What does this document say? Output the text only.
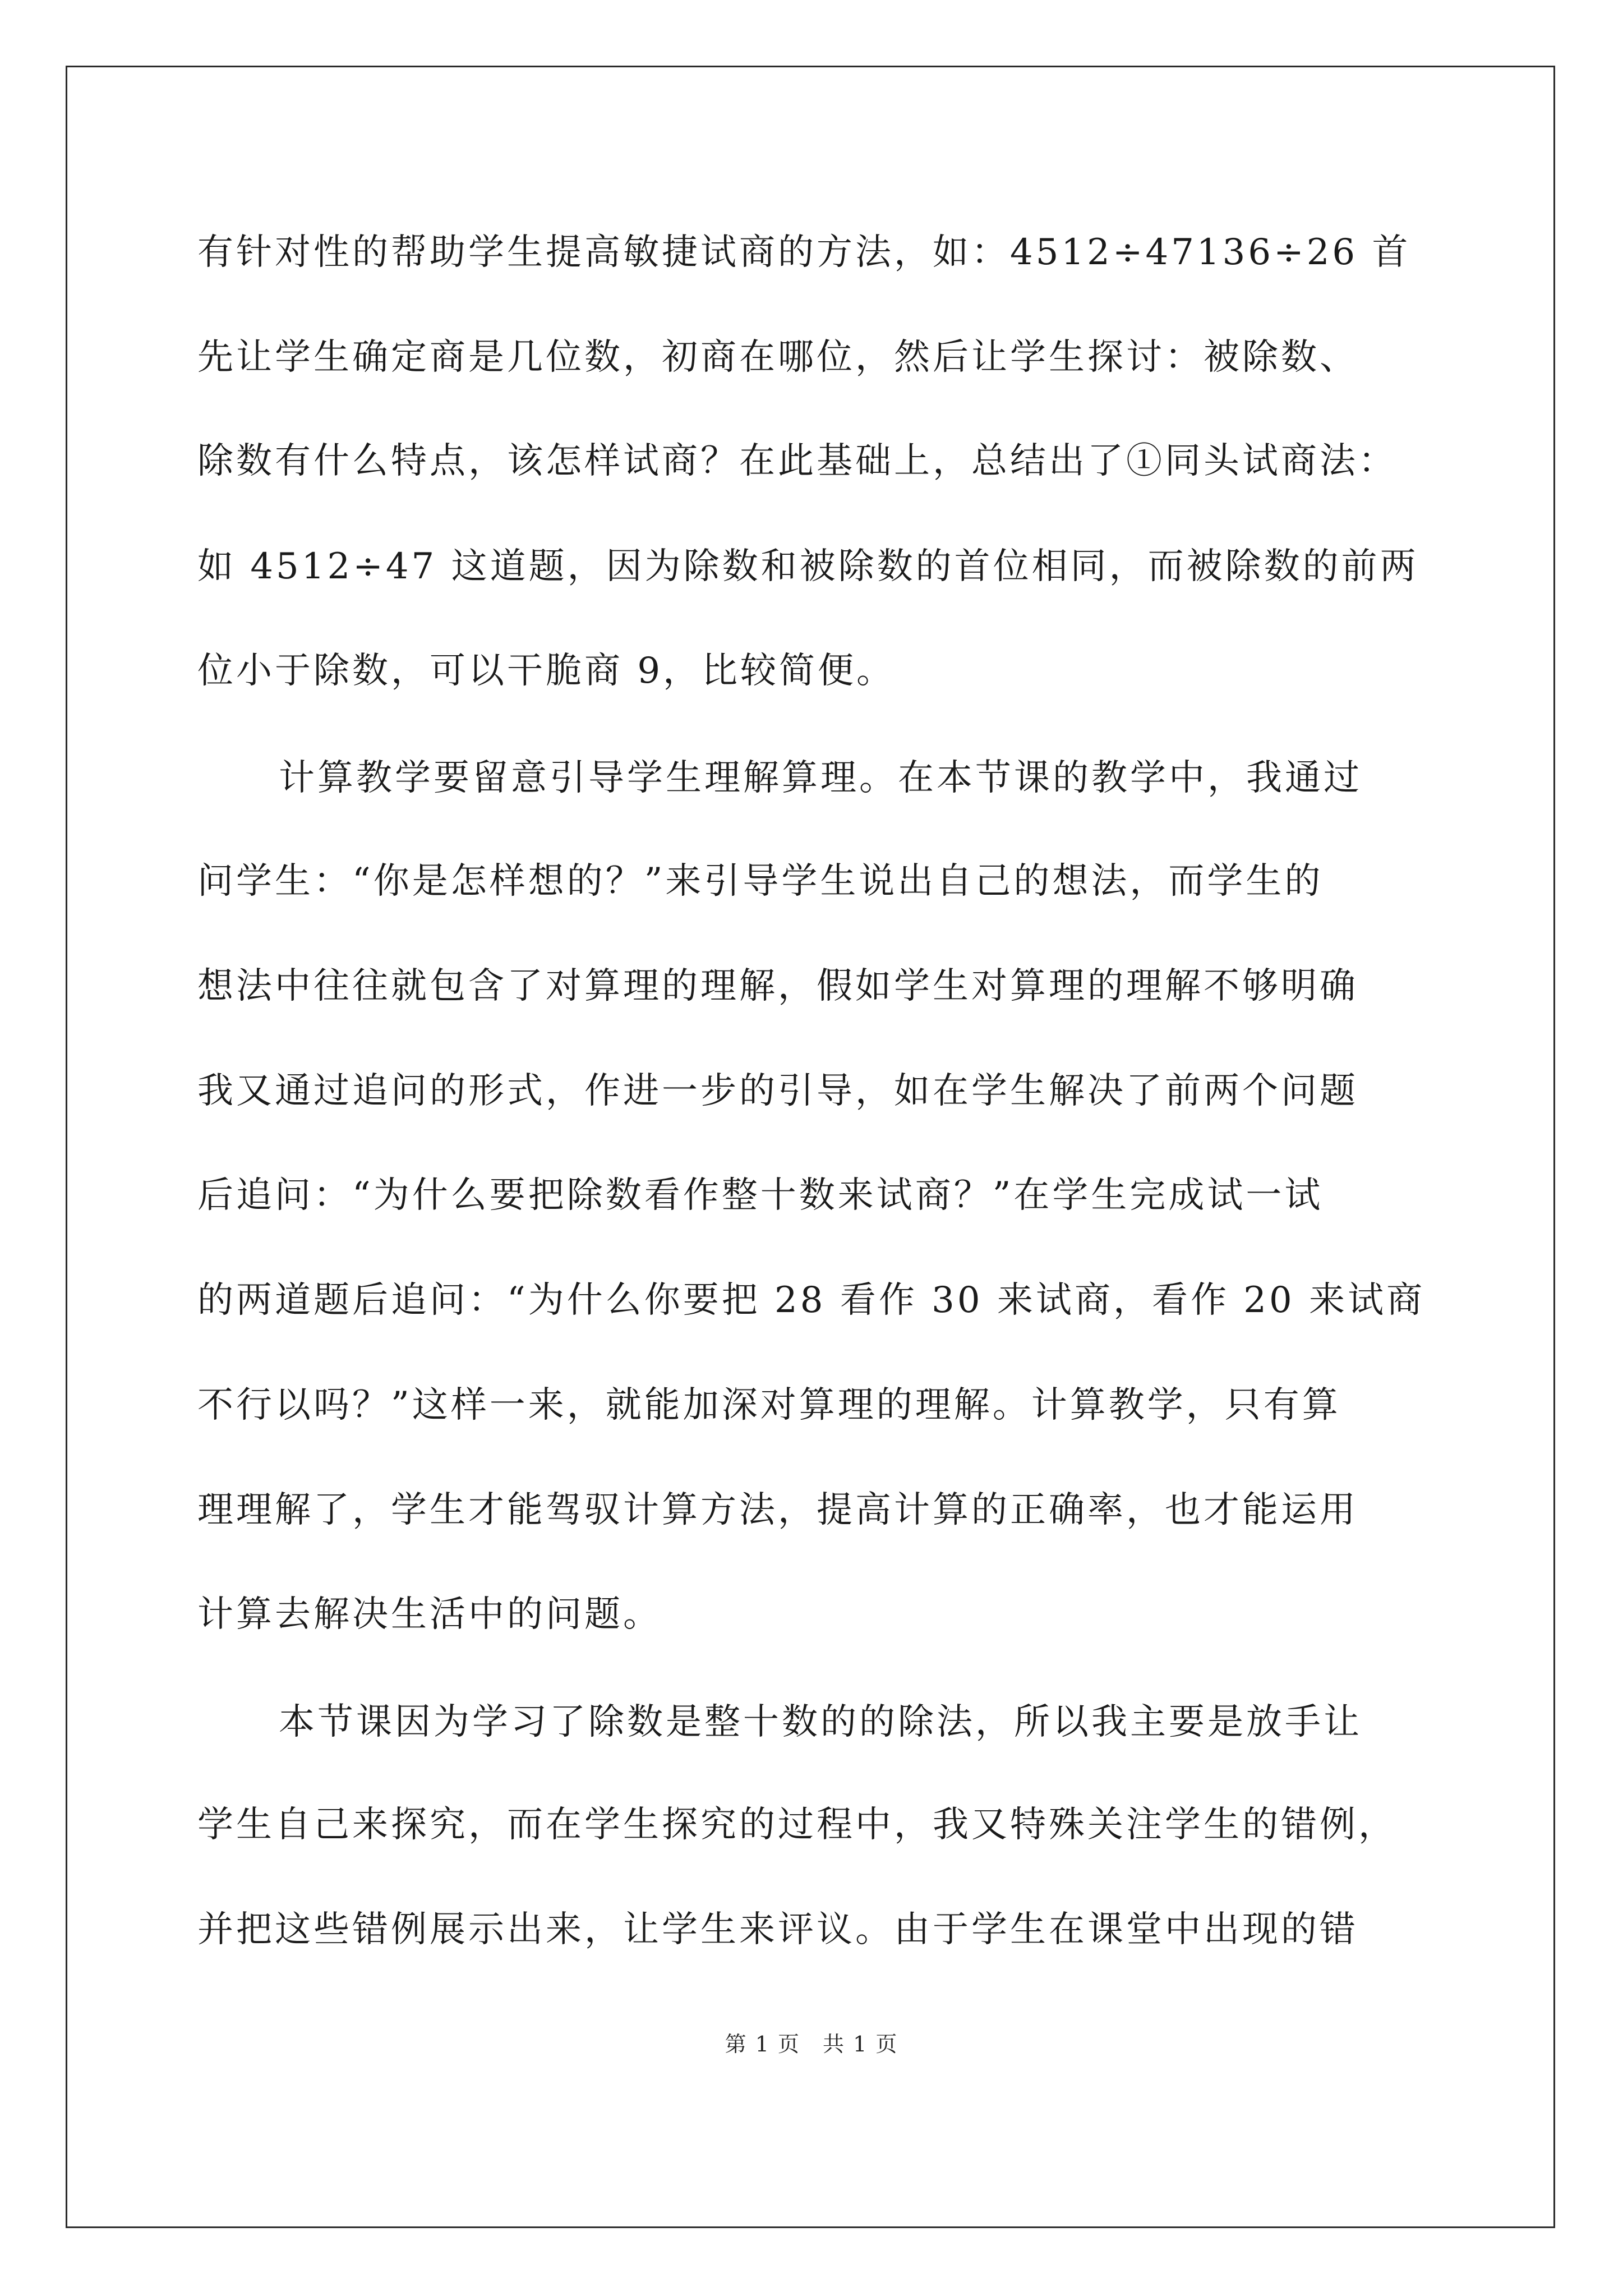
有针对性的帮助学生提高敏捷试商的方法，如：4512÷47136÷26 首
先让学生确定商是几位数，初商在哪位，然后让学生探讨：被除数、
除数有什么特点，该怎样试商？在此基础上，总结出了①同头试商法：
如 4512÷47 这道题，因为除数和被除数的首位相同，而被除数的前两
位小于除数，可以干脆商 9，比较简便。
计算教学要留意引导学生理解算理。在本节课的教学中，我通过
问学生：“你是怎样想的？”来引导学生说出自己的想法，而学生的
想法中往往就包含了对算理的理解，假如学生对算理的理解不够明确
我又通过追问的形式，作进一步的引导，如在学生解决了前两个问题
后追问：“为什么要把除数看作整十数来试商？”在学生完成试一试
的两道题后追问：“为什么你要把 28 看作 30 来试商，看作 20 来试商
不行以吗？”这样一来，就能加深对算理的理解。计算教学，只有算
理理解了，学生才能驾驭计算方法，提高计算的正确率，也才能运用
计算去解决生活中的问题。
本节课因为学习了除数是整十数的的除法，所以我主要是放手让
学生自己来探究，而在学生探究的过程中，我又特殊关注学生的错例，
并把这些错例展示出来，让学生来评议。由于学生在课堂中出现的错
第 1 页　共 1 页
